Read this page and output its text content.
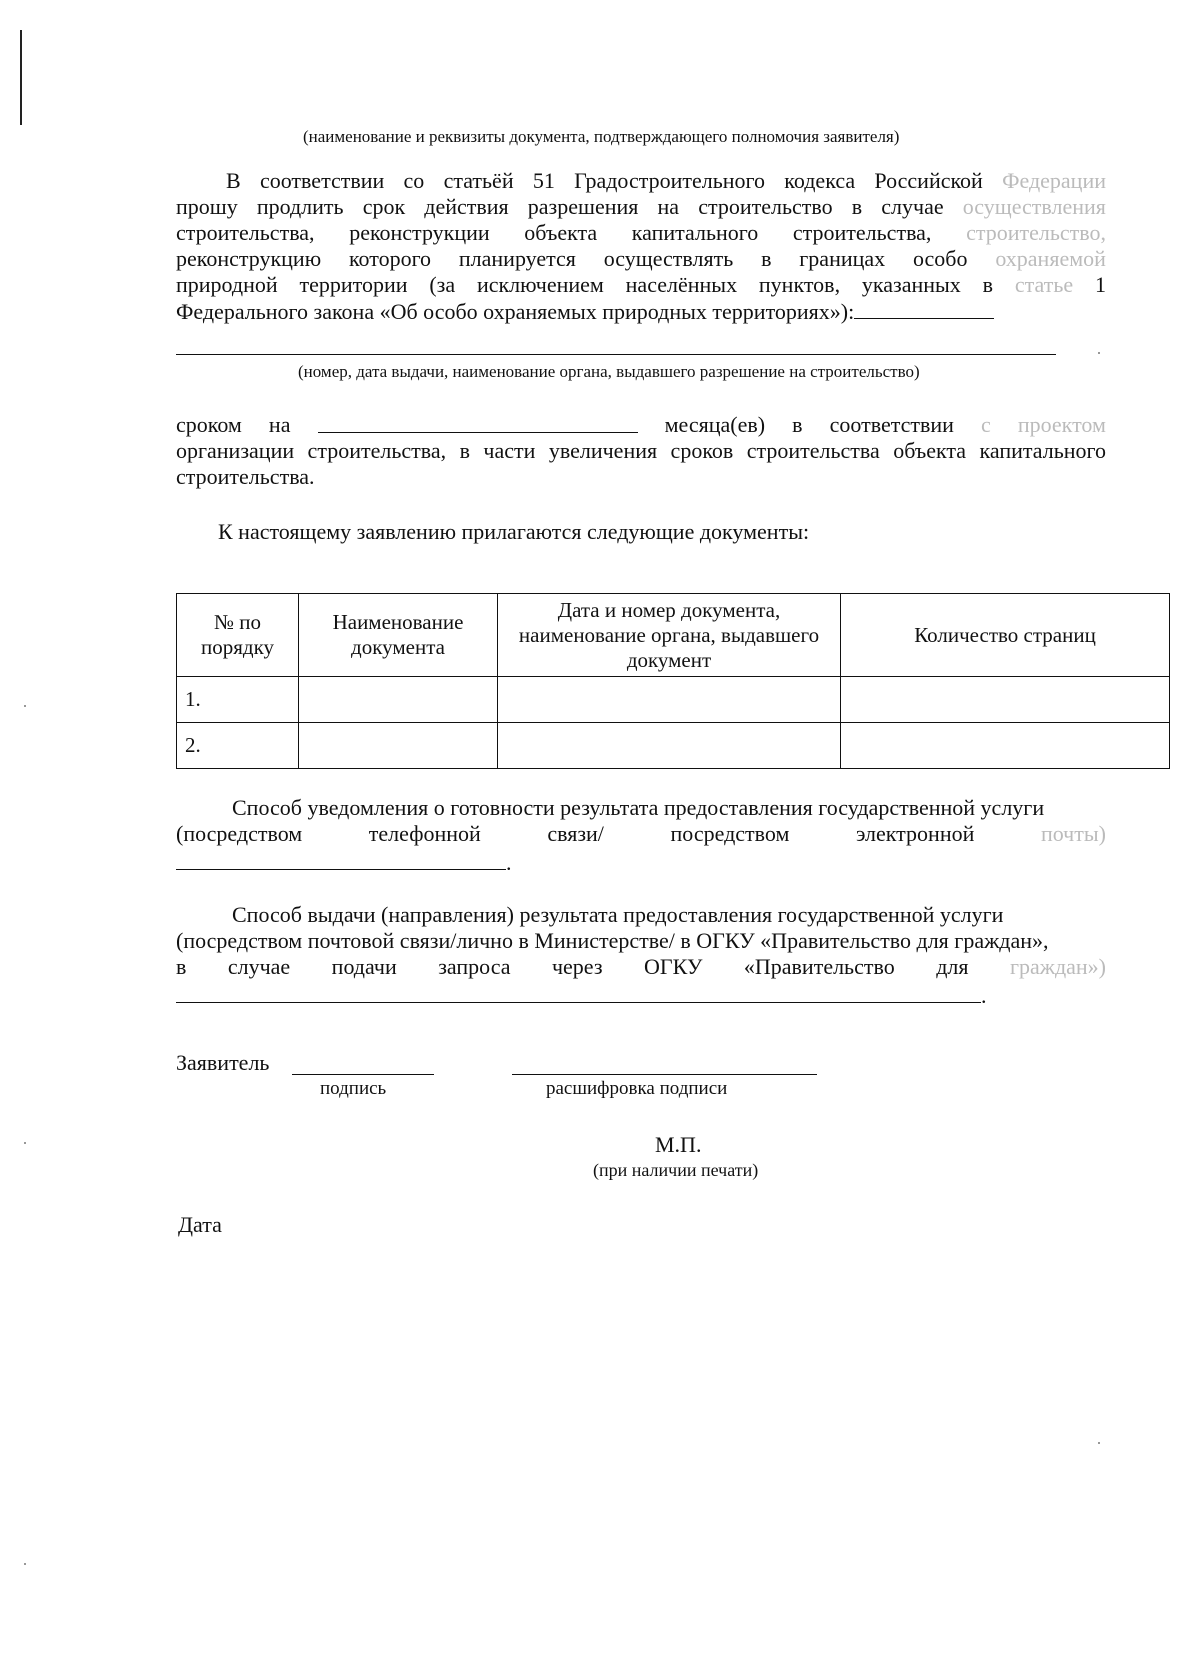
(наименование и реквизиты документа, подтверждающего полномочия заявителя)
В соответствии со статьёй 51 Градостроительного кодекса Российской Федерации
прошу продлить срок действия разрешения на строительство в случае осуществления
строительства, реконструкции объекта капитального строительства, строительство,
реконструкцию которого планируется осуществлять в границах особо охраняемой
природной территории (за исключением населённых пунктов, указанных в статье 1
Федерального закона «Об особо охраняемых природных территориях»):
(номер, дата выдачи, наименование органа, выдавшего разрешение на строительство)
сроком на	месяца(ев) в соответствии с проектом
организации строительства, в части увеличения сроков строительства объекта капитального
строительства.
К настоящему заявлению прилагаются следующие документы:
№ по порядку	Наименование документа	Дата и номер документа, наименование органа, выдавшего документ	Количество страниц
1.			
2.			
Способ уведомления о готовности результата предоставления государственной услуги
(посредством	телефонной	связи/	посредством	электронной	почты)
.
Способ выдачи (направления) результата предоставления государственной услуги
(посредством почтовой связи/лично в Министерстве/ в ОГКУ «Правительство для граждан»,
в случае подачи запроса через ОГКУ «Правительство для граждан»)
.
Заявитель
подпись	расшифровка подписи
М.П.
(при наличии печати)
Дата
